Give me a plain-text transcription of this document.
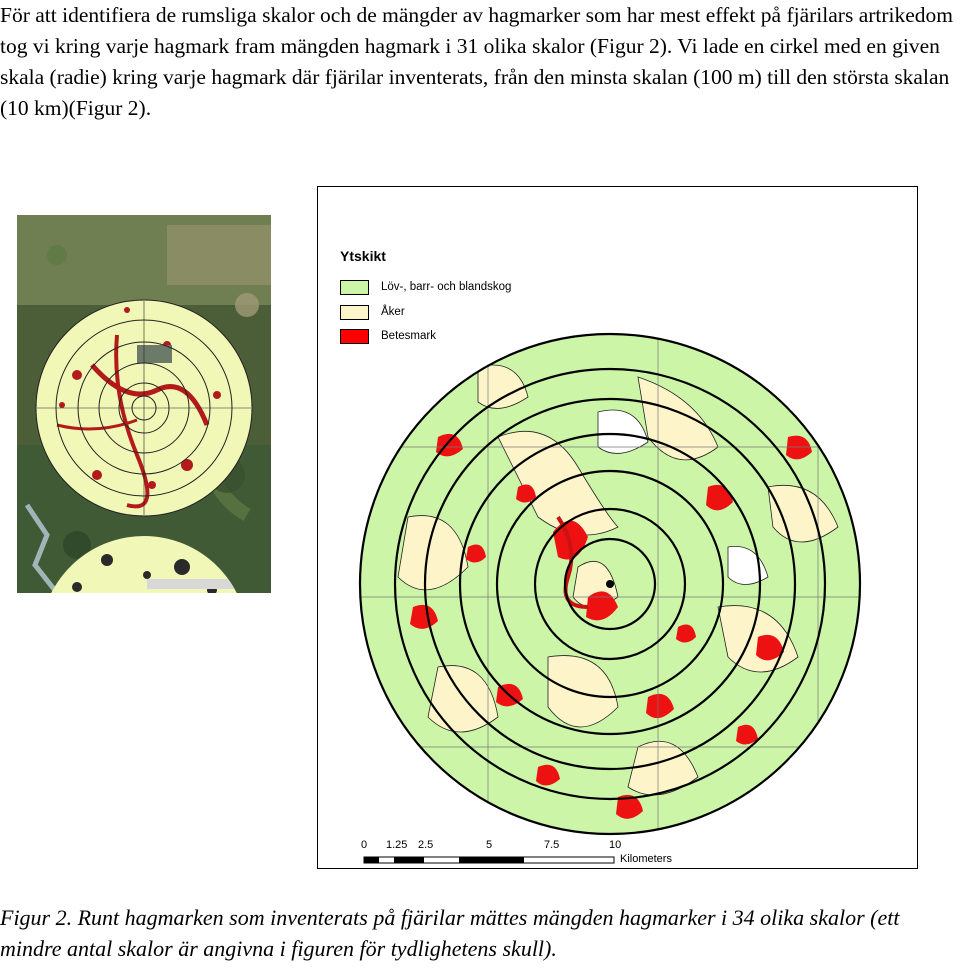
För att identifiera de rumsliga skalor och de mängder av hagmarker som har mest effekt på fjärilars artrikedom tog vi kring varje hagmark fram mängden hagmark i 31 olika skalor (Figur 2). Vi lade en cirkel med en given skala (radie) kring varje hagmark där fjärilar inventerats, från den minsta skalan (100 m) till den största skalan (10 km)(Figur 2).

Ytskikt
Löv-, barr- och blandskog
Åker
Betesmark
0 1.25 2.5	5	7.5	10
Kilometers

Figur 2. Runt hagmarken som inventerats på fjärilar mättes mängden hagmarker i 34 olika skalor (ett mindre antal skalor är angivna i figuren för tydlighetens skull).
